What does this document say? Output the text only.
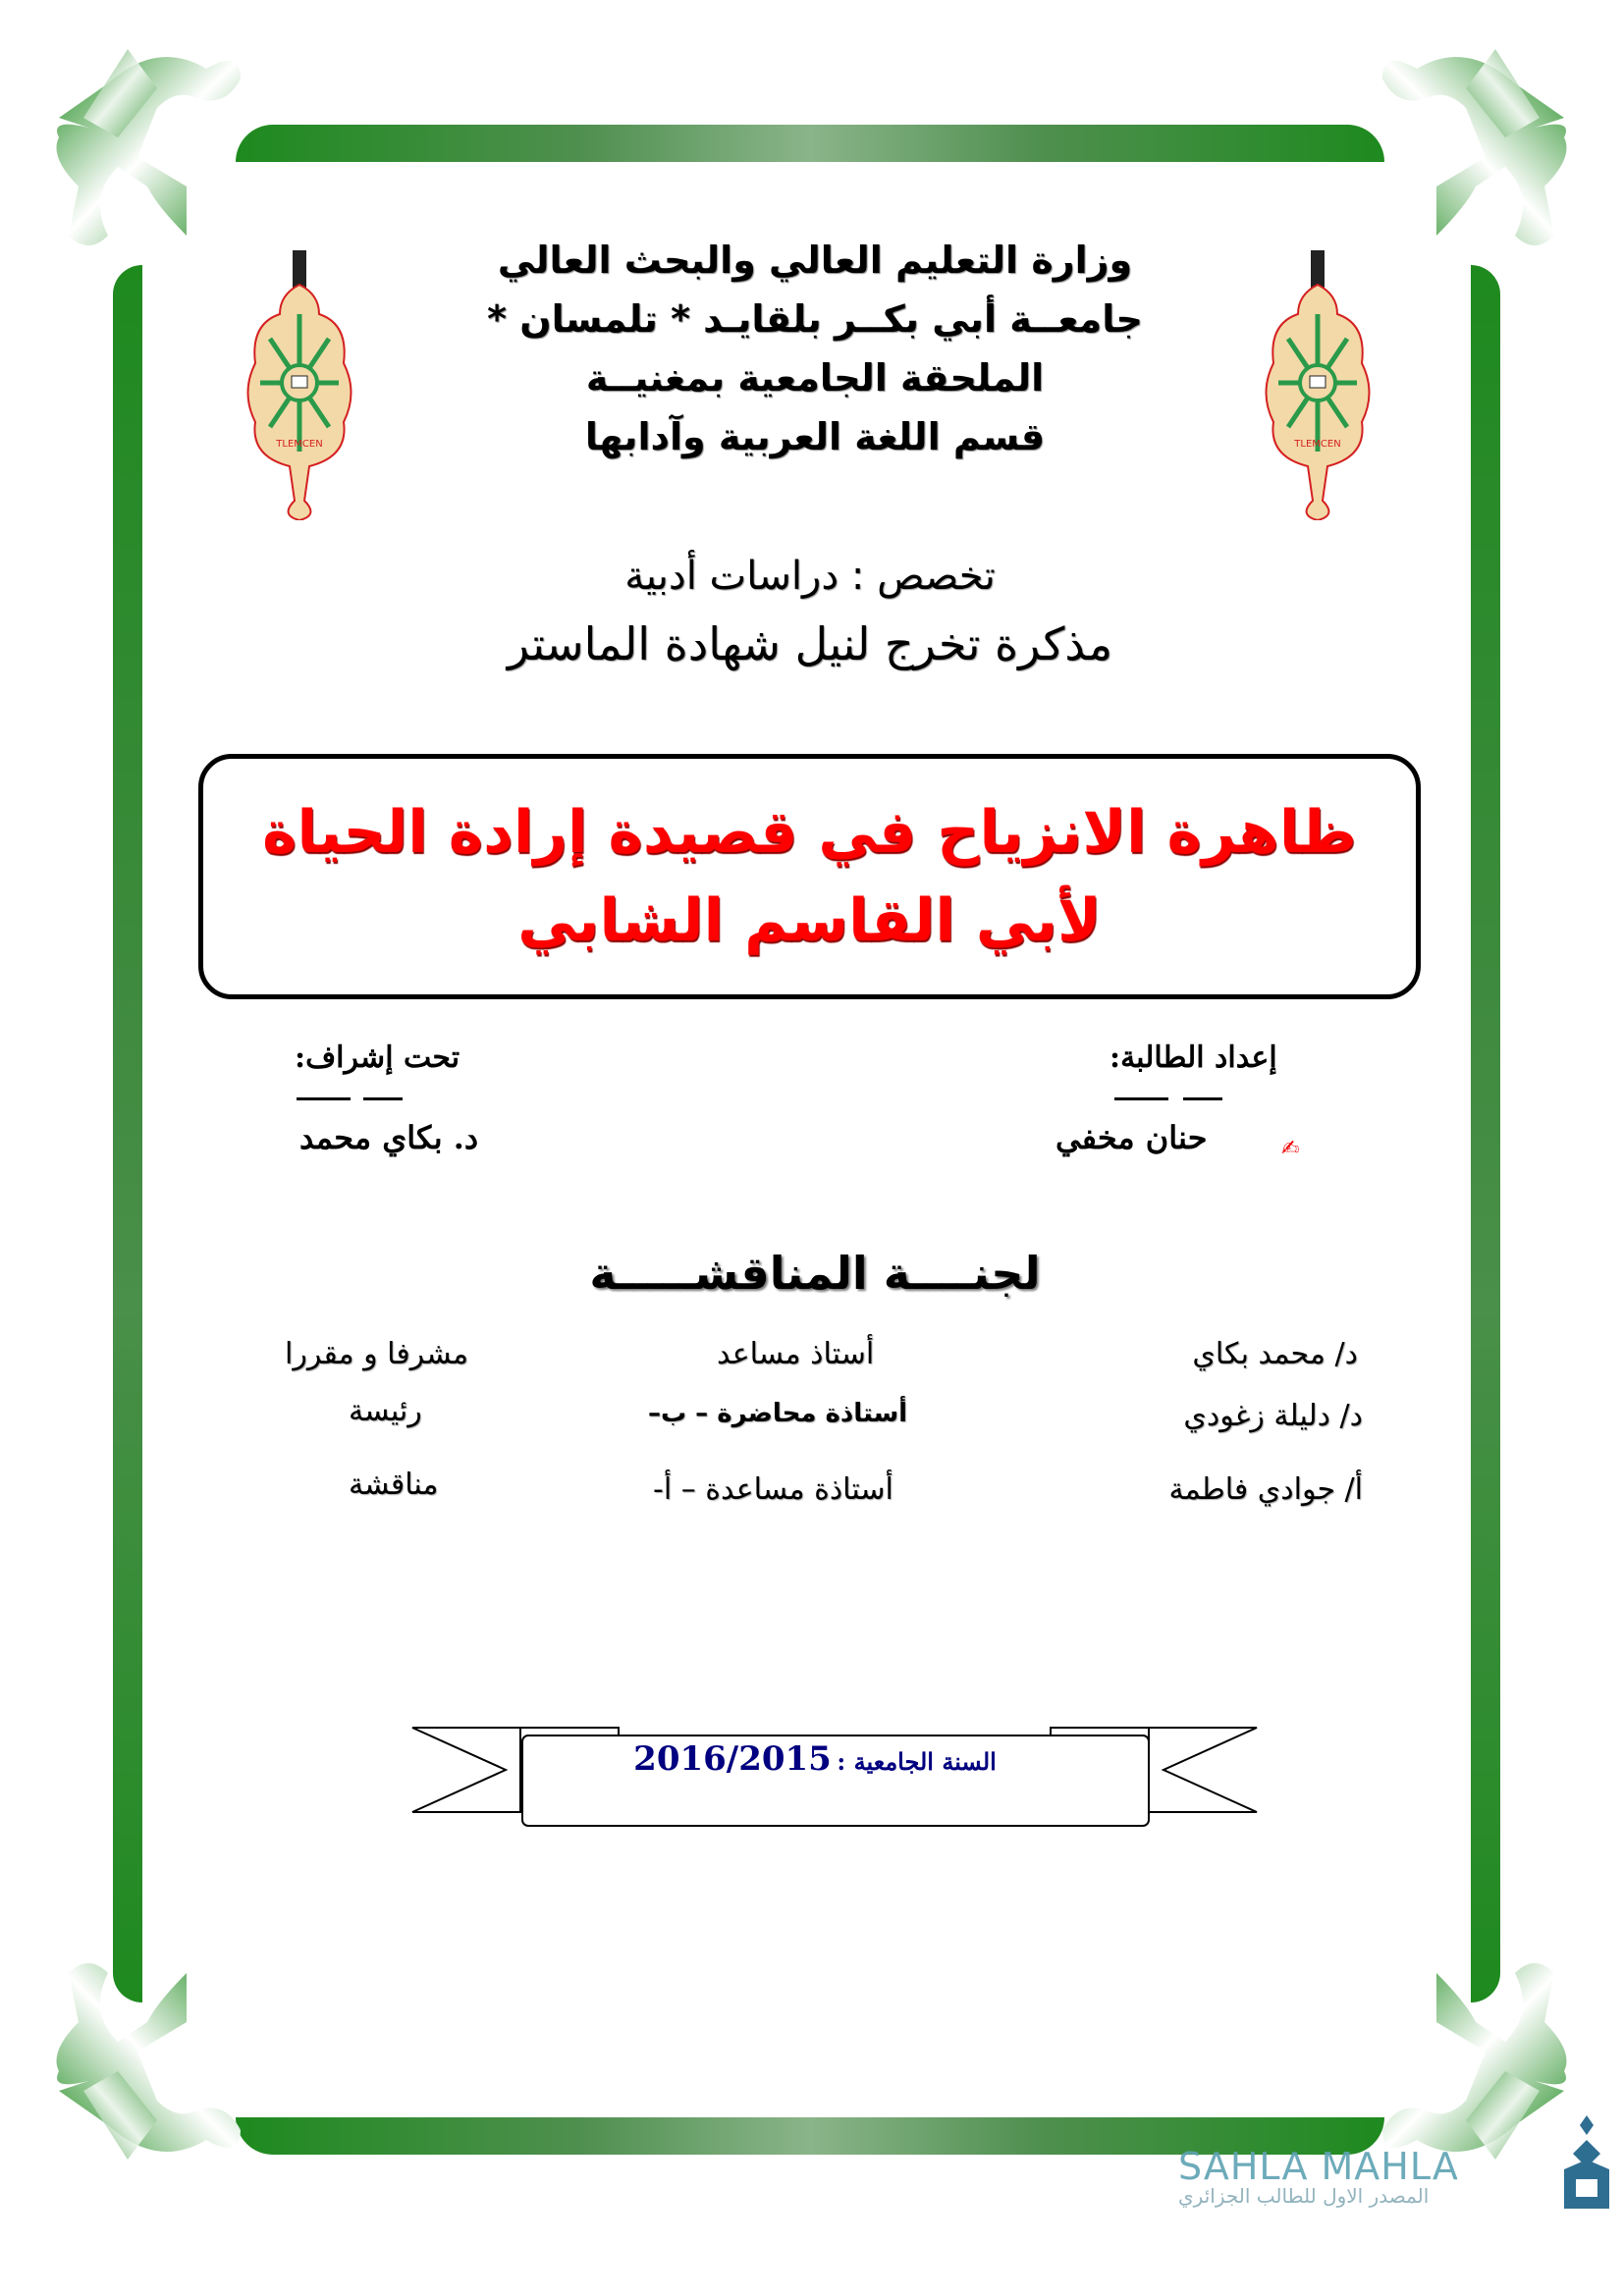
TLEMCEN	TLEMCEN
وزارة التعليم العالي والبحث العالي
جامعــة أبي بكــر بلقايـد * تلمسان *
الملحقة الجامعية بمغنيــة
قسم اللغة العربية وآدابها
تخصص : دراسات أدبية
مذكرة تخرج لنيل شهادة الماستر
ظاهرة الانزياح في قصيدة إرادة الحياة
لأبي القاسم الشابي
إعداد الطالبة:
تحت إشراف:
✍
حنان مخفي
د. بكاي محمد
لجنــــة المناقشـــــة
د/ محمد بكاي
أستاذ مساعد
مشرفا و مقررا
د/ دليلة زغودي
أستاذة محاضرة – ب–
رئيسة
أ/ جوادي فاطمة
أستاذة مساعدة – أ-
مناقشة
السنة الجامعية : 2016/2015
SAHLA MAHLA
المصدر الاول للطالب الجزائري
